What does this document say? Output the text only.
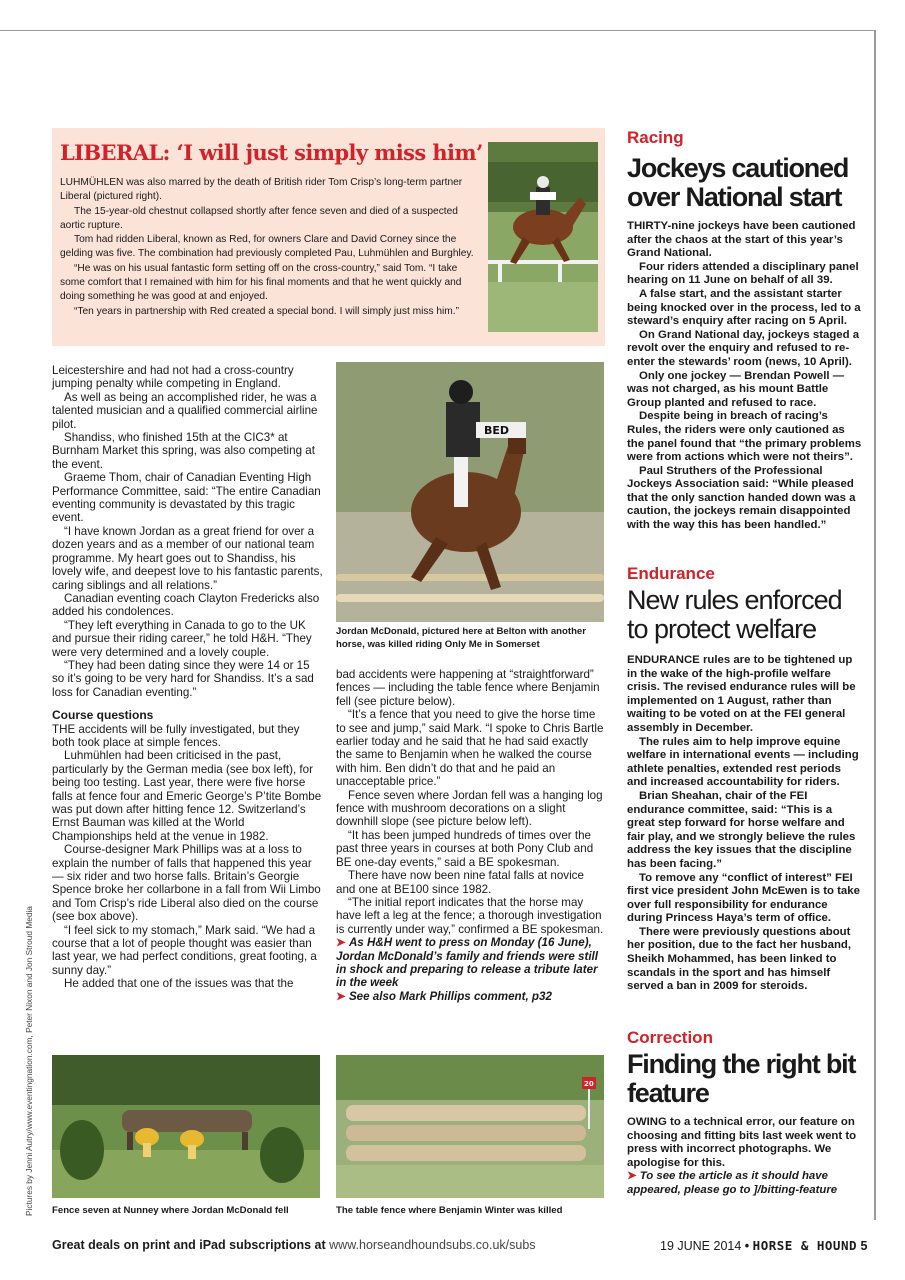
LIBERAL: ‘I will just simply miss him’

LUHMÜHLEN was also marred by the death of British rider Tom Crisp’s long-term partner Liberal (pictured right).

The 15-year-old chestnut collapsed shortly after fence seven and died of a suspected aortic rupture.

Tom had ridden Liberal, known as Red, for owners Clare and David Corney since the gelding was five. The combination had previously completed Pau, Luhmühlen and Burghley.

“He was on his usual fantastic form setting off on the cross-country,” said Tom. “I take some comfort that I remained with him for his final moments and that he went quickly and doing something he was good at and enjoyed.

“Ten years in partnership with Red created a special bond. I will simply just miss him.”

Leicestershire and had not had a cross-country jumping penalty while competing in England.

As well as being an accomplished rider, he was a talented musician and a qualified commercial airline pilot.

Shandiss, who finished 15th at the CIC3* at Burnham Market this spring, was also competing at the event.

Graeme Thom, chair of Canadian Eventing High Performance Committee, said: “The entire Canadian eventing community is devastated by this tragic event.

“I have known Jordan as a great friend for over a dozen years and as a member of our national team programme. My heart goes out to Shandiss, his lovely wife, and deepest love to his fantastic parents, caring siblings and all relations.”

Canadian eventing coach Clayton Fredericks also added his condolences.

“They left everything in Canada to go to the UK and pursue their riding career,” he told H&H. “They were very determined and a lovely couple.

“They had been dating since they were 14 or 15 so it’s going to be very hard for Shandiss. It’s a sad loss for Canadian eventing.”

Course questions

THE accidents will be fully investigated, but they both took place at simple fences.

Luhmühlen had been criticised in the past, particularly by the German media (see box left), for being too testing. Last year, there were five horse falls at fence four and Emeric George’s P’tite Bombe was put down after hitting fence 12. Switzerland’s Ernst Bauman was killed at the World Championships held at the venue in 1982.

Course-designer Mark Phillips was at a loss to explain the number of falls that happened this year — six rider and two horse falls. Britain’s Georgie Spence broke her collarbone in a fall from Wii Limbo and Tom Crisp’s ride Liberal also died on the course (see box above).

“I feel sick to my stomach,” Mark said. “We had a course that a lot of people thought was easier than last year, we had perfect conditions, great footing, a sunny day.”

He added that one of the issues was that the

BED
Jordan McDonald, pictured here at Belton with another horse, was killed riding Only Me in Somerset

bad accidents were happening at “straightforward” fences — including the table fence where Benjamin fell (see picture below).

“It’s a fence that you need to give the horse time to see and jump,” said Mark. “I spoke to Chris Bartle earlier today and he said that he had said exactly the same to Benjamin when he walked the course with him. Ben didn’t do that and he paid an unacceptable price.”

Fence seven where Jordan fell was a hanging log fence with mushroom decorations on a slight downhill slope (see picture below left).

“It has been jumped hundreds of times over the past three years in courses at both Pony Club and BE one-day events,” said a BE spokesman.

There have now been nine fatal falls at novice and one at BE100 since 1982.

“The initial report indicates that the horse may have left a leg at the fence; a thorough investigation is currently under way,” confirmed a BE spokesman.

➤ As H&H went to press on Monday (16 June), Jordan McDonald’s family and friends were still in shock and preparing to release a tribute later in the week

➤ See also Mark Phillips comment, p32

Fence seven at Nunney where Jordan McDonald fell
20
The table fence where Benjamin Winter was killed
Pictures by Jenni Autry/www.eventingnation.com, Peter Nixon and Jon Stroud Media
Racing
Jockeys cautioned over National start

THIRTY-nine jockeys have been cautioned after the chaos at the start of this year’s Grand National.

Four riders attended a disciplinary panel hearing on 11 June on behalf of all 39.

A false start, and the assistant starter being knocked over in the process, led to a steward’s enquiry after racing on 5 April.

On Grand National day, jockeys staged a revolt over the enquiry and refused to re-enter the stewards’ room (news, 10 April).

Only one jockey — Brendan Powell — was not charged, as his mount Battle Group planted and refused to race.

Despite being in breach of racing’s Rules, the riders were only cautioned as the panel found that “the primary problems were from actions which were not theirs”.

Paul Struthers of the Professional Jockeys Association said: “While pleased that the only sanction handed down was a caution, the jockeys remain disappointed with the way this has been handled.”

Endurance
New rules enforced to protect welfare

ENDURANCE rules are to be tightened up in the wake of the high-profile welfare crisis. The revised endurance rules will be implemented on 1 August, rather than waiting to be voted on at the FEI general assembly in December.

The rules aim to help improve equine welfare in international events — including athlete penalties, extended rest periods and increased accountability for riders.

Brian Sheahan, chair of the FEI endurance committee, said: “This is a great step forward for horse welfare and fair play, and we strongly believe the rules address the key issues that the discipline has been facing.”

To remove any “conflict of interest” FEI first vice president John McEwen is to take over full responsibility for endurance during Princess Haya’s term of office.

There were previously questions about her position, due to the fact her husband, Sheikh Mohammed, has been linked to scandals in the sport and has himself served a ban in 2009 for steroids.

Correction
Finding the right bit feature

OWING to a technical error, our feature on choosing and fitting bits last week went to press with incorrect photographs. We apologise for this.

➤ To see the article as it should have appeared, please go to ]/bitting-feature

Great deals on print and iPad subscriptions at www.horseandhoundsubs.co.uk/subs	19 JUNE 2014 • HORSE & HOUND 5
